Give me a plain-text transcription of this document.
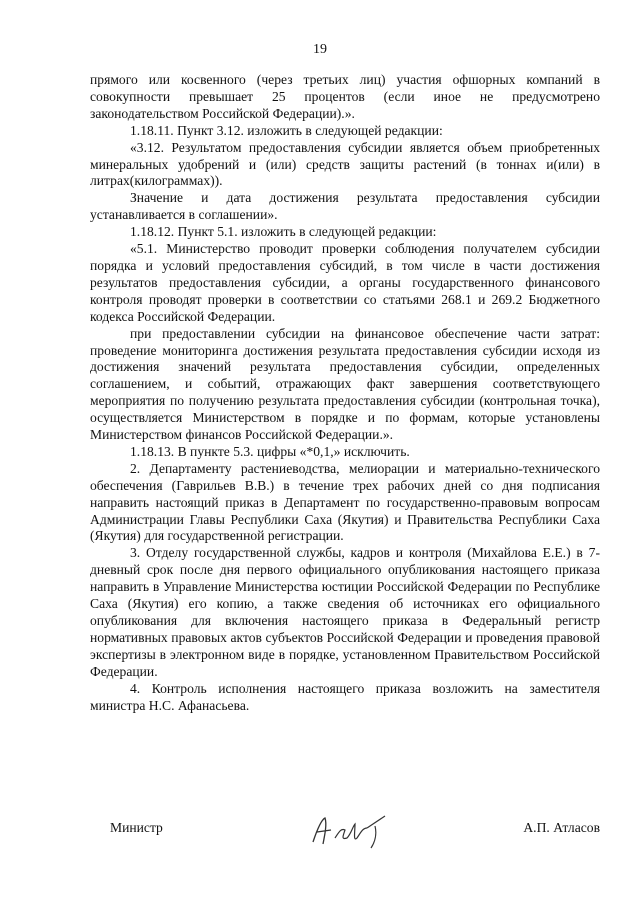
19

прямого или косвенного (через третьих лиц) участия офшорных компаний в совокупности превышает 25 процентов (если иное не предусмотрено законодательством Российской Федерации).».

1.18.11. Пункт 3.12. изложить в следующей редакции:

«3.12. Результатом предоставления субсидии является объем приобретенных минеральных удобрений и (или) средств защиты растений (в тоннах и(или) в литрах(килограммах)).

Значение и дата достижения результата предоставления субсидии устанавливается в соглашении».

1.18.12. Пункт 5.1. изложить в следующей редакции:

«5.1. Министерство проводит проверки соблюдения получателем субсидии порядка и условий предоставления субсидий, в том числе в части достижения результатов предоставления субсидии, а органы государственного финансового контроля проводят проверки в соответствии со статьями 268.1 и 269.2 Бюджетного кодекса Российской Федерации.

при предоставлении субсидии на финансовое обеспечение части затрат: проведение мониторинга достижения результата предоставления субсидии исходя из достижения значений результата предоставления субсидии, определенных соглашением, и событий, отражающих факт завершения соответствующего мероприятия по получению результата предоставления субсидии (контрольная точка), осуществляется Министерством в порядке и по формам, которые установлены Министерством финансов Российской Федерации.».

1.18.13. В пункте 5.3. цифры «*0,1,» исключить.

2. Департаменту растениеводства, мелиорации и материально-технического обеспечения (Гаврильев В.В.) в течение трех рабочих дней со дня подписания направить настоящий приказ в Департамент по государственно-правовым вопросам Администрации Главы Республики Саха (Якутия) и Правительства Республики Саха (Якутия) для государственной регистрации.

3. Отделу государственной службы, кадров и контроля (Михайлова Е.Е.) в 7-дневный срок после дня первого официального опубликования настоящего приказа направить в Управление Министерства юстиции Российской Федерации по Республике Саха (Якутия) его копию, а также сведения об источниках его официального опубликования для включения настоящего приказа в Федеральный регистр нормативных правовых актов субъектов Российской Федерации и проведения правовой экспертизы в электронном виде в порядке, установленном Правительством Российской Федерации.

4. Контроль исполнения настоящего приказа возложить на заместителя министра Н.С. Афанасьева.

Министр	А.П. Атласов
